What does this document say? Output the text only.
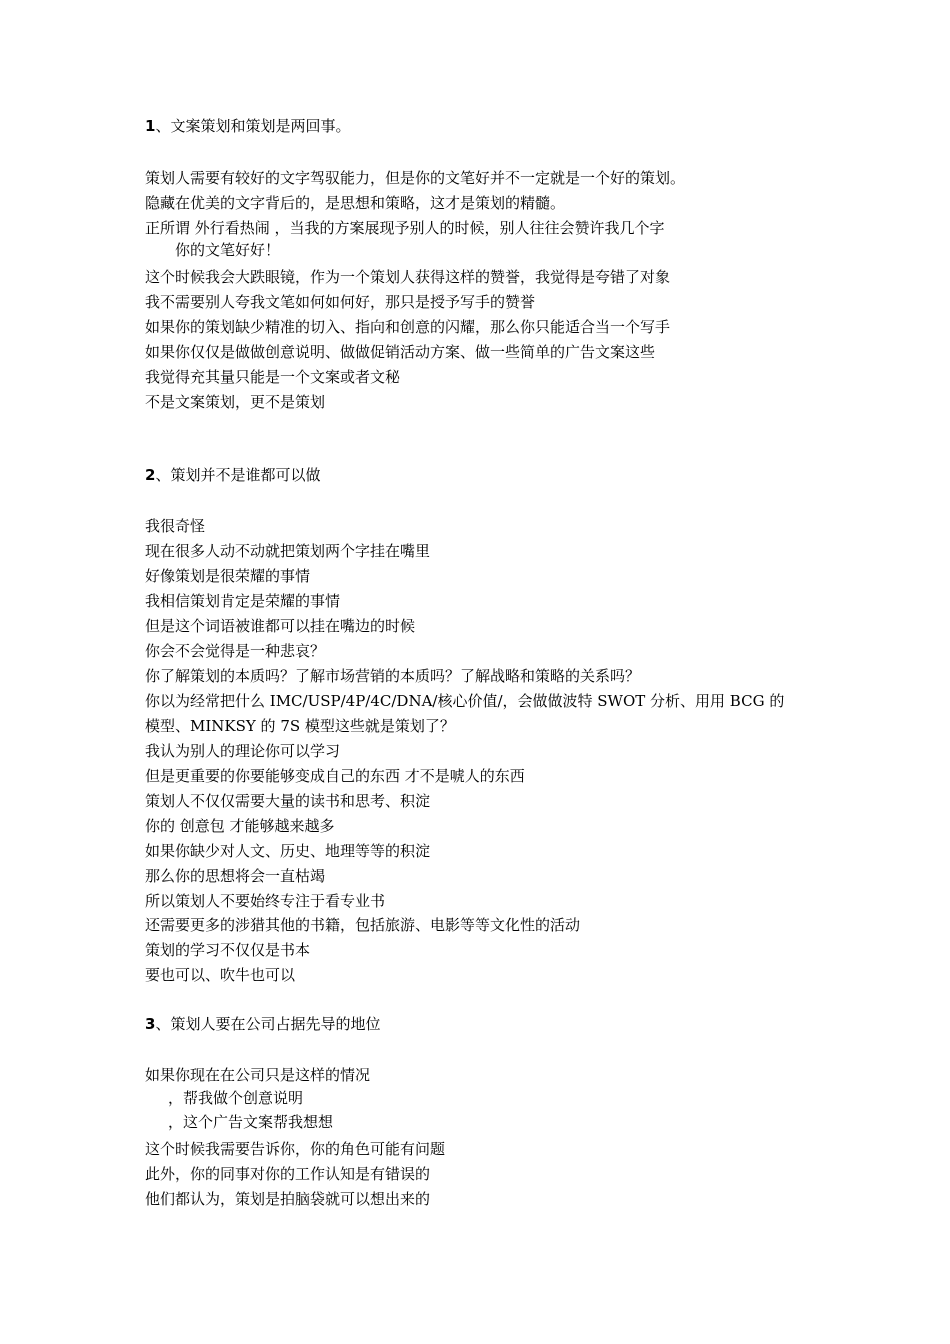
1、文案策划和策划是两回事。
策划人需要有较好的文字驾驭能力，但是你的文笔好并不一定就是一个好的策划。
隐藏在优美的文字背后的，是思想和策略，这才是策划的精髓。
正所谓 外行看热闹 ，当我的方案展现予别人的时候，别人往往会赞许我几个字
你的文笔好好！
这个时候我会大跌眼镜，作为一个策划人获得这样的赞誉，我觉得是夸错了对象
我不需要别人夸我文笔如何如何好，那只是授予写手的赞誉
如果你的策划缺少精准的切入、指向和创意的闪耀，那么你只能适合当一个写手
如果你仅仅是做做创意说明、做做促销活动方案、做一些简单的广告文案这些
我觉得充其量只能是一个文案或者文秘
不是文案策划，更不是策划
2、策划并不是谁都可以做
我很奇怪
现在很多人动不动就把策划两个字挂在嘴里
好像策划是很荣耀的事情
我相信策划肯定是荣耀的事情
但是这个词语被谁都可以挂在嘴边的时候
你会不会觉得是一种悲哀？
你了解策划的本质吗？了解市场营销的本质吗？了解战略和策略的关系吗？
你以为经常把什么 IMC/USP/4P/4C/DNA/核心价值/，会做做波特 SWOT 分析、用用 BCG 的
模型、MINKSY 的 7S 模型这些就是策划了？
我认为别人的理论你可以学习
但是更重要的你要能够变成自己的东西 才不是唬人的东西
策划人不仅仅需要大量的读书和思考、积淀
你的 创意包 才能够越来越多
如果你缺少对人文、历史、地理等等的积淀
那么你的思想将会一直枯竭
所以策划人不要始终专注于看专业书
还需要更多的涉猎其他的书籍，包括旅游、电影等等文化性的活动
策划的学习不仅仅是书本
要也可以、吹牛也可以
3、策划人要在公司占据先导的地位
如果你现在在公司只是这样的情况
，帮我做个创意说明
，这个广告文案帮我想想
这个时候我需要告诉你，你的角色可能有问题
此外，你的同事对你的工作认知是有错误的
他们都认为，策划是拍脑袋就可以想出来的
